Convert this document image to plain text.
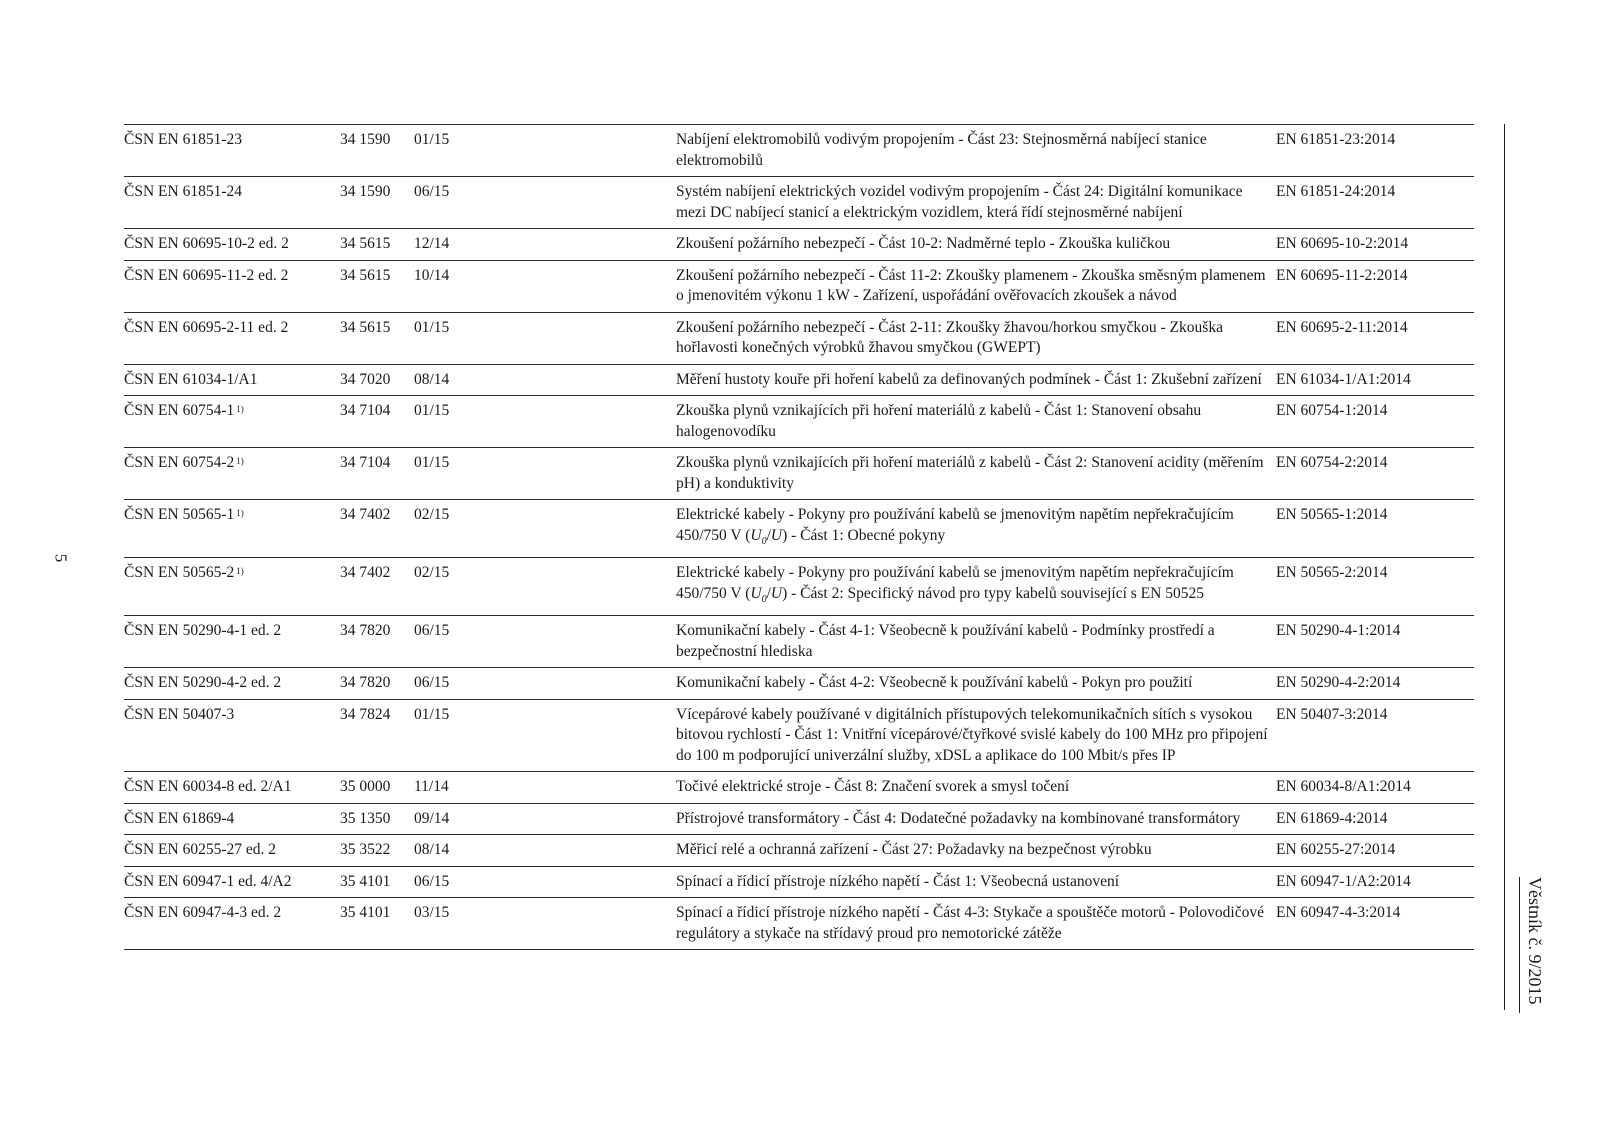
5
Věstník č. 9/2015
ČSN EN 61851-23	34 1590	01/15	Nabíjení elektromobilů vodivým propojením - Část 23: Stejnosměrná nabíjecí stanice elektromobilů	EN 61851-23:2014
ČSN EN 61851-24	34 1590	06/15	Systém nabíjení elektrických vozidel vodivým propojením - Část 24: Digitální komunikace mezi DC nabíjecí stanicí a elektrickým vozidlem, která řídí stejnosměrné nabíjení	EN 61851-24:2014
ČSN EN 60695-10-2 ed. 2	34 5615	12/14	Zkoušení požárního nebezpečí - Část 10-2: Nadměrné teplo - Zkouška kuličkou	EN 60695-10-2:2014
ČSN EN 60695-11-2 ed. 2	34 5615	10/14	Zkoušení požárního nebezpečí - Část 11-2: Zkoušky plamenem - Zkouška směsným plamenem o jmenovitém výkonu 1 kW - Zařízení, uspořádání ověřovacích zkoušek a návod	EN 60695-11-2:2014
ČSN EN 60695-2-11 ed. 2	34 5615	01/15	Zkoušení požárního nebezpečí - Část 2-11: Zkoušky žhavou/horkou smyčkou - Zkouška hořlavosti konečných výrobků žhavou smyčkou (GWEPT)	EN 60695-2-11:2014
ČSN EN 61034-1/A1	34 7020	08/14	Měření hustoty kouře při hoření kabelů za definovaných podmínek - Část 1: Zkušební zařízení	EN 61034-1/A1:2014
ČSN EN 60754-1 $^{1)}$	34 7104	01/15	Zkouška plynů vznikajících při hoření materiálů z kabelů - Část 1: Stanovení obsahu halogenovodíku	EN 60754-1:2014
ČSN EN 60754-2 $^{1)}$	34 7104	01/15	Zkouška plynů vznikajících při hoření materiálů z kabelů - Část 2: Stanovení acidity (měřením pH) a konduktivity	EN 60754-2:2014
ČSN EN 50565-1 $^{1)}$	34 7402	02/15	Elektrické kabely - Pokyny pro používání kabelů se jmenovitým napětím nepřekračujícím 450/750 V $(U_0/U)$ - Část 1: Obecné pokyny	EN 50565-1:2014
ČSN EN 50565-2 $^{1)}$	34 7402	02/15	Elektrické kabely - Pokyny pro používání kabelů se jmenovitým napětím nepřekračujícím 450/750 V $(U_0/U)$ - Část 2: Specifický návod pro typy kabelů související s EN 50525	EN 50565-2:2014
ČSN EN 50290-4-1 ed. 2	34 7820	06/15	Komunikační kabely - Část 4-1: Všeobecně k používání kabelů - Podmínky prostředí a bezpečnostní hlediska	EN 50290-4-1:2014
ČSN EN 50290-4-2 ed. 2	34 7820	06/15	Komunikační kabely - Část 4-2: Všeobecně k používání kabelů - Pokyn pro použití	EN 50290-4-2:2014
ČSN EN 50407-3	34 7824	01/15	Vícepárové kabely používané v digitálních přístupových telekomunikačních sítích s vysokou bitovou rychlostí - Část 1: Vnitřní vícepárové/čtyřkové svislé kabely do 100 MHz pro připojení do 100 m podporující univerzální služby, xDSL a aplikace do 100 Mbit/s přes IP	EN 50407-3:2014
ČSN EN 60034-8 ed. 2/A1	35 0000	11/14	Točivé elektrické stroje - Část 8: Značení svorek a smysl točení	EN 60034-8/A1:2014
ČSN EN 61869-4	35 1350	09/14	Přístrojové transformátory - Část 4: Dodatečné požadavky na kombinované transformátory	EN 61869-4:2014
ČSN EN 60255-27 ed. 2	35 3522	08/14	Měřicí relé a ochranná zařízení - Část 27: Požadavky na bezpečnost výrobku	EN 60255-27:2014
ČSN EN 60947-1 ed. 4/A2	35 4101	06/15	Spínací a řídicí přístroje nízkého napětí - Část 1: Všeobecná ustanovení	EN 60947-1/A2:2014
ČSN EN 60947-4-3 ed. 2	35 4101	03/15	Spínací a řídicí přístroje nízkého napětí - Část 4-3: Stykače a spouštěče motorů - Polovodičové regulátory a stykače na střídavý proud pro nemotorické zátěže	EN 60947-4-3:2014
